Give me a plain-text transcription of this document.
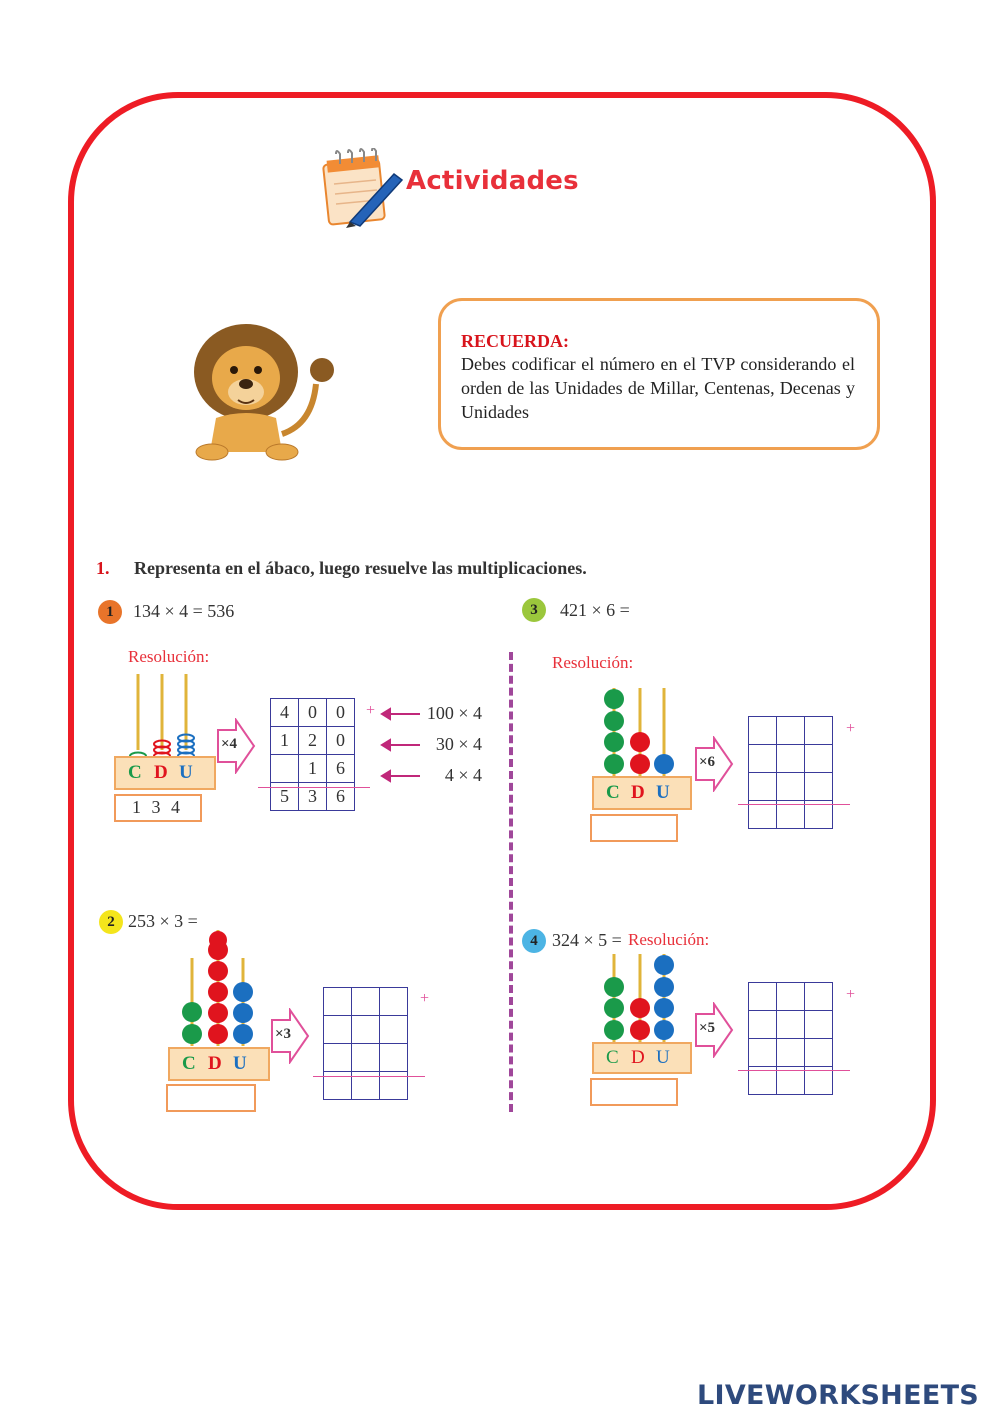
Actividades
RECUERDA:
Debes codificar el número en el TVP considerando el orden de las Unidades de Millar, Centenas, Decenas y Unidades
1. Representa en el ábaco, luego resuelve las multiplicaciones.
1	134 × 4 = 536
Resolución:
C D U
1 3 4
×4
4	0	0
1	2	0
	1	6
5	3	6
+	100 × 4
30 × 4
4 × 4
2 253 × 3 =
C D U
×3

+
3	421 × 6 =
Resolución:
C D U
×6

+
4 324 × 5 = Resolución:
C D U
×5

+
LIVEWORKSHEETS
